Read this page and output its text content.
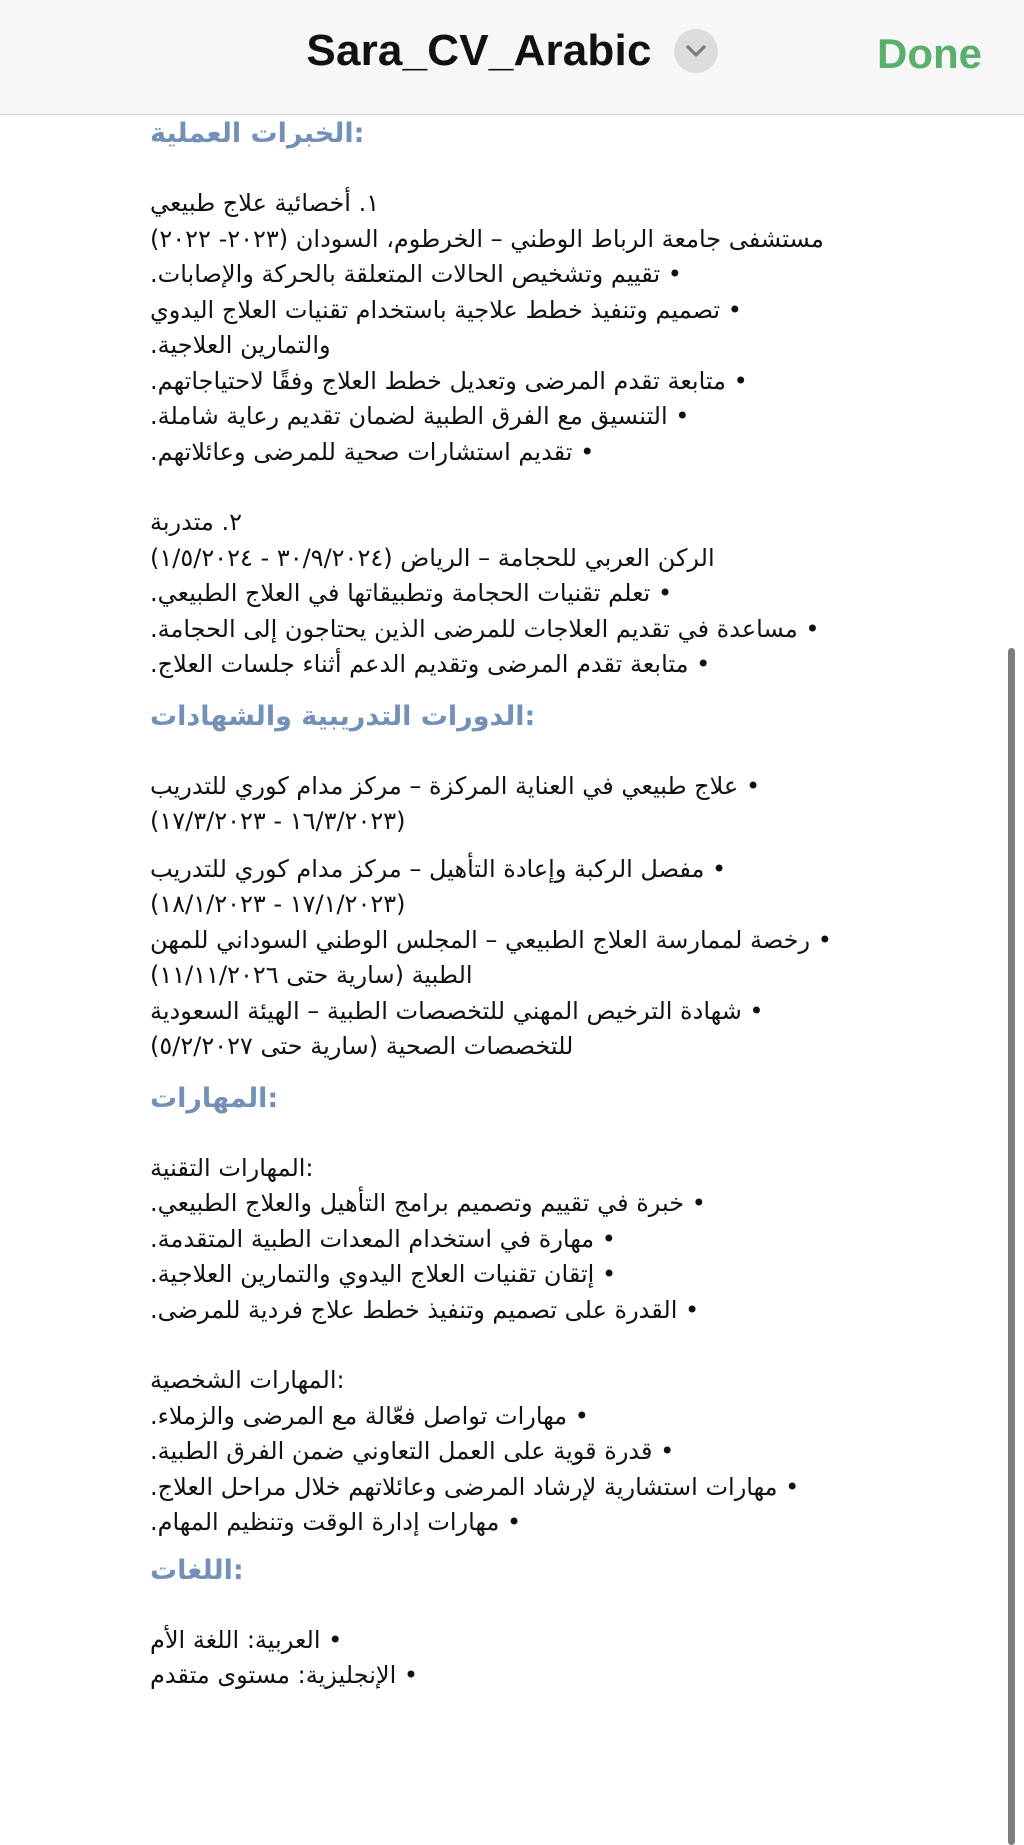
Sara_CV_Arabic	Done
:الخبرات العملية
١. أخصائية علاج طبيعي
مستشفى جامعة الرباط الوطني – الخرطوم، السودان (٢٠٢٣- ٢٠٢٢)
• تقييم وتشخيص الحالات المتعلقة بالحركة والإصابات.
• تصميم وتنفيذ خطط علاجية باستخدام تقنيات العلاج اليدوي
والتمارين العلاجية.
• متابعة تقدم المرضى وتعديل خطط العلاج وفقًا لاحتياجاتهم.
• التنسيق مع الفرق الطبية لضمان تقديم رعاية شاملة.
• تقديم استشارات صحية للمرضى وعائلاتهم.
٢. متدربة
الركن العربي للحجامة – الرياض (٣٠/٩/٢٠٢٤ - ١/٥/٢٠٢٤)
• تعلم تقنيات الحجامة وتطبيقاتها في العلاج الطبيعي.
• مساعدة في تقديم العلاجات للمرضى الذين يحتاجون إلى الحجامة.
• متابعة تقدم المرضى وتقديم الدعم أثناء جلسات العلاج.
:الدورات التدريبية والشهادات
• علاج طبيعي في العناية المركزة – مركز مدام كوري للتدريب
(١٦/٣/٢٠٢٣ - ١٧/٣/٢٠٢٣)
• مفصل الركبة وإعادة التأهيل – مركز مدام كوري للتدريب
(١٧/١/٢٠٢٣ - ١٨/١/٢٠٢٣)
• رخصة لممارسة العلاج الطبيعي – المجلس الوطني السوداني للمهن
الطبية (سارية حتى ١١/١١/٢٠٢٦)
• شهادة الترخيص المهني للتخصصات الطبية – الهيئة السعودية
للتخصصات الصحية (سارية حتى ٥/٢/٢٠٢٧)
:المهارات
:المهارات التقنية
• خبرة في تقييم وتصميم برامج التأهيل والعلاج الطبيعي.
• مهارة في استخدام المعدات الطبية المتقدمة.
• إتقان تقنيات العلاج اليدوي والتمارين العلاجية.
• القدرة على تصميم وتنفيذ خطط علاج فردية للمرضى.
:المهارات الشخصية
• مهارات تواصل فعّالة مع المرضى والزملاء.
• قدرة قوية على العمل التعاوني ضمن الفرق الطبية.
• مهارات استشارية لإرشاد المرضى وعائلاتهم خلال مراحل العلاج.
• مهارات إدارة الوقت وتنظيم المهام.
:اللغات
• العربية: اللغة الأم
• الإنجليزية: مستوى متقدم
